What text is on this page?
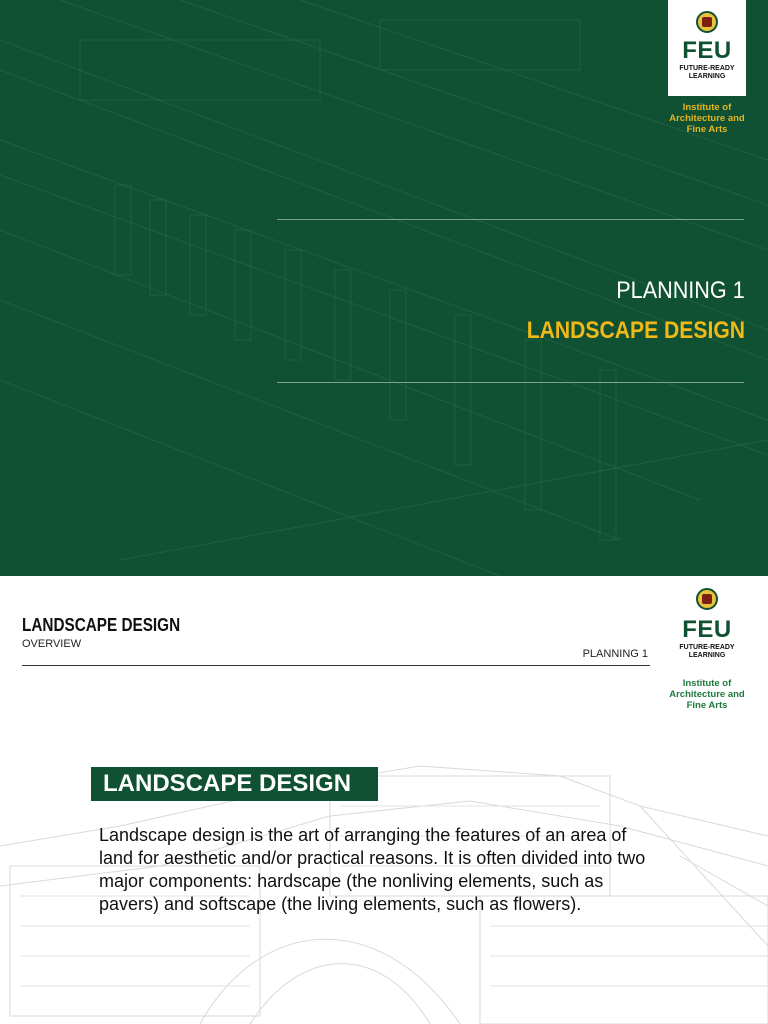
FEU
FUTURE-READY
LEARNING
Institute of
Architecture and
Fine Arts
PLANNING 1
LANDSCAPE DESIGN
LANDSCAPE DESIGN
OVERVIEW
PLANNING 1
FEU
FUTURE-READY
LEARNING
Institute of
Architecture and
Fine Arts
LANDSCAPE DESIGN
Landscape design is the art of arranging the features of an area of land for aesthetic and/or practical reasons. It is often divided into two major components: hardscape (the nonliving elements, such as pavers) and softscape (the living elements, such as flowers).
